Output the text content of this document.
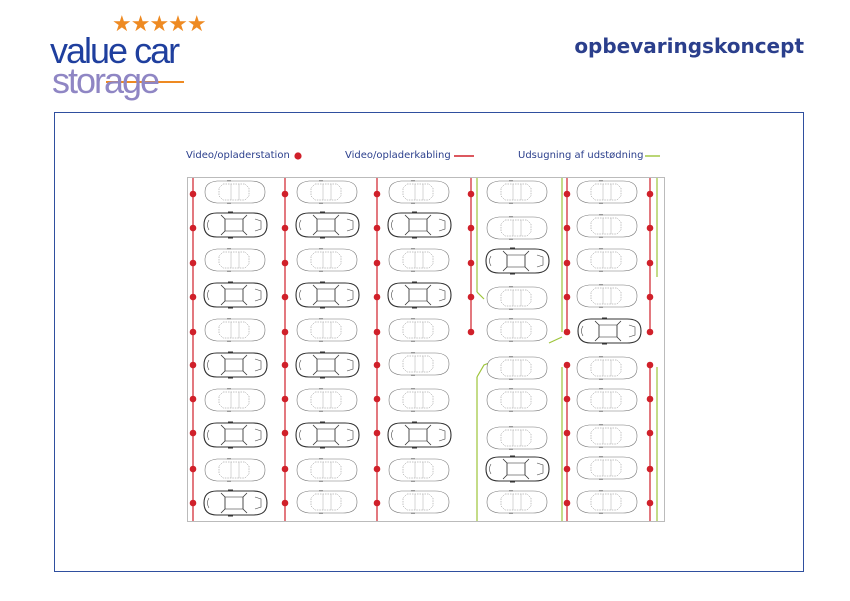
★★★★★
value car
storage
opbevaringskoncept
Video/opladerstation	Video/opladerkabling	Udsugning af udstødning
